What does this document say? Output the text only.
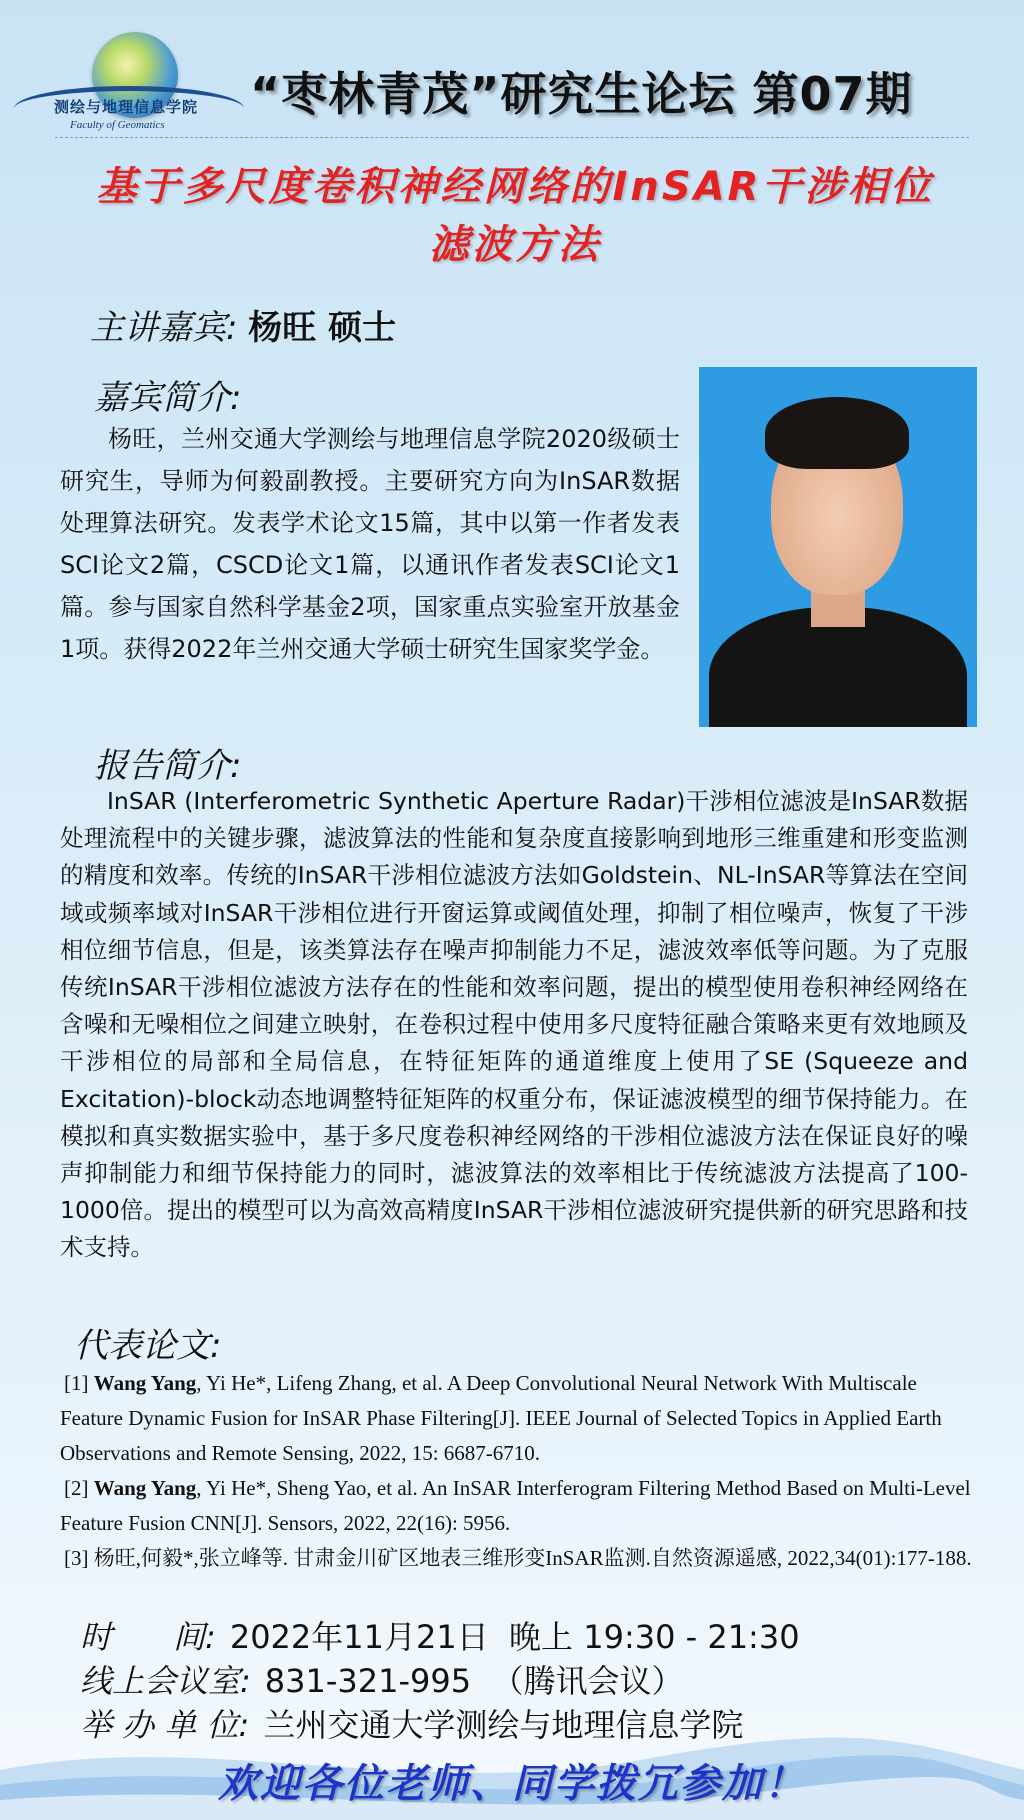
测绘与地理信息学院
Faculty of Geomatics
“枣林青茂”研究生论坛 第07期
基于多尺度卷积神经网络的InSAR干涉相位
滤波方法
主讲嘉宾: 杨旺 硕士
嘉宾简介:
杨旺，兰州交通大学测绘与地理信息学院2020级硕士研究生，导师为何毅副教授。主要研究方向为InSAR数据处理算法研究。发表学术论文15篇，其中以第一作者发表SCI论文2篇，CSCD论文1篇，以通讯作者发表SCI论文1篇。参与国家自然科学基金2项，国家重点实验室开放基金1项。获得2022年兰州交通大学硕士研究生国家奖学金。
报告简介:
InSAR (Interferometric Synthetic Aperture Radar)干涉相位滤波是InSAR数据处理流程中的关键步骤，滤波算法的性能和复杂度直接影响到地形三维重建和形变监测的精度和效率。传统的InSAR干涉相位滤波方法如Goldstein、NL-InSAR等算法在空间域或频率域对InSAR干涉相位进行开窗运算或阈值处理，抑制了相位噪声，恢复了干涉相位细节信息，但是，该类算法存在噪声抑制能力不足，滤波效率低等问题。为了克服传统InSAR干涉相位滤波方法存在的性能和效率问题，提出的模型使用卷积神经网络在含噪和无噪相位之间建立映射，在卷积过程中使用多尺度特征融合策略来更有效地顾及干涉相位的局部和全局信息，在特征矩阵的通道维度上使用了SE (Squeeze and Excitation)-block动态地调整特征矩阵的权重分布，保证滤波模型的细节保持能力。在模拟和真实数据实验中，基于多尺度卷积神经网络的干涉相位滤波方法在保证良好的噪声抑制能力和细节保持能力的同时，滤波算法的效率相比于传统滤波方法提高了100-1000倍。提出的模型可以为高效高精度InSAR干涉相位滤波研究提供新的研究思路和技术支持。
代表论文:

[1] Wang Yang, Yi He*, Lifeng Zhang, et al. A Deep Convolutional Neural Network With Multiscale Feature Dynamic Fusion for InSAR Phase Filtering[J]. IEEE Journal of Selected Topics in Applied Earth Observations and Remote Sensing, 2022, 15: 6687-6710.

[2] Wang Yang, Yi He*, Sheng Yao, et al. An InSAR Interferogram Filtering Method Based on Multi-Level Feature Fusion CNN[J]. Sensors, 2022, 22(16): 5956.

[3] 杨旺,何毅*,张立峰等. 甘肃金川矿区地表三维形变InSAR监测.自然资源遥感, 2022,34(01):177-188.

时      间: 2022年11月21日  晚上 19:30 - 21:30
线上会议室: 831-321-995  （腾讯会议）
举 办 单 位: 兰州交通大学测绘与地理信息学院
欢迎各位老师、同学拨冗参加！
